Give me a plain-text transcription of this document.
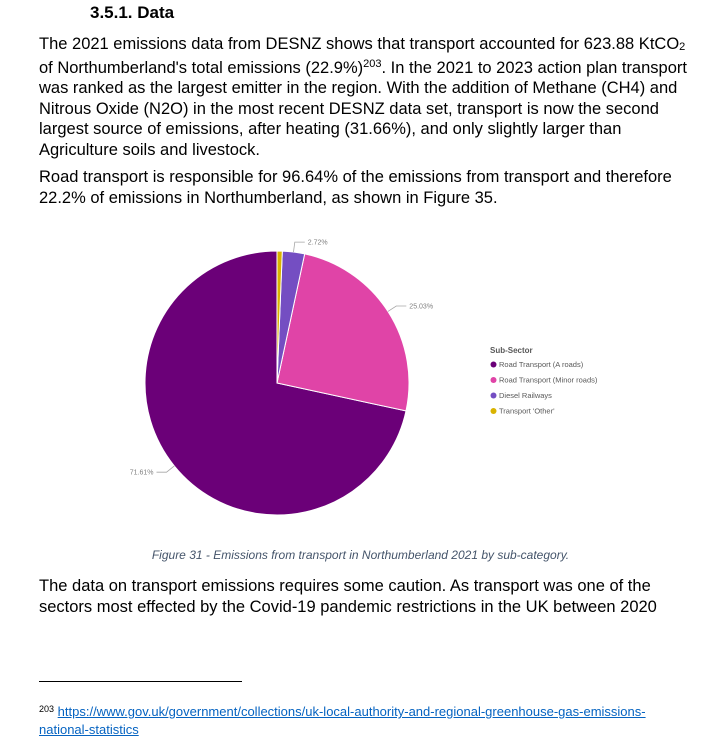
3.5.1. Data
The 2021 emissions data from DESNZ shows that transport accounted for 623.88 KtCO$_2$ of Northumberland's total emissions $(22.9\%)^{203}$. In the 2021 to 2023 action plan transport was ranked as the largest emitter in the region. With the addition of Methane (CH4) and Nitrous Oxide (N2O) in the most recent DESNZ data set, transport is now the second largest source of emissions, after heating (31.66%), and only slightly larger than Agriculture soils and livestock.
Road transport is responsible for 96.64% of the emissions from transport and therefore 22.2% of emissions in Northumberland, as shown in Figure 35.
71.61%
25.03%
2.72%
Sub-Sector
Road Transport (A roads)
Road Transport (Minor roads)
Diesel Railways
Transport 'Other'
Figure 31 - Emissions from transport in Northumberland 2021 by sub-category.
The data on transport emissions requires some caution. As transport was one of the sectors most effected by the Covid-19 pandemic restrictions in the UK between 2020
$^{203}$ https://www.gov.uk/government/collections/uk-local-authority-and-regional-greenhouse-gas-emissions-national-statistics
